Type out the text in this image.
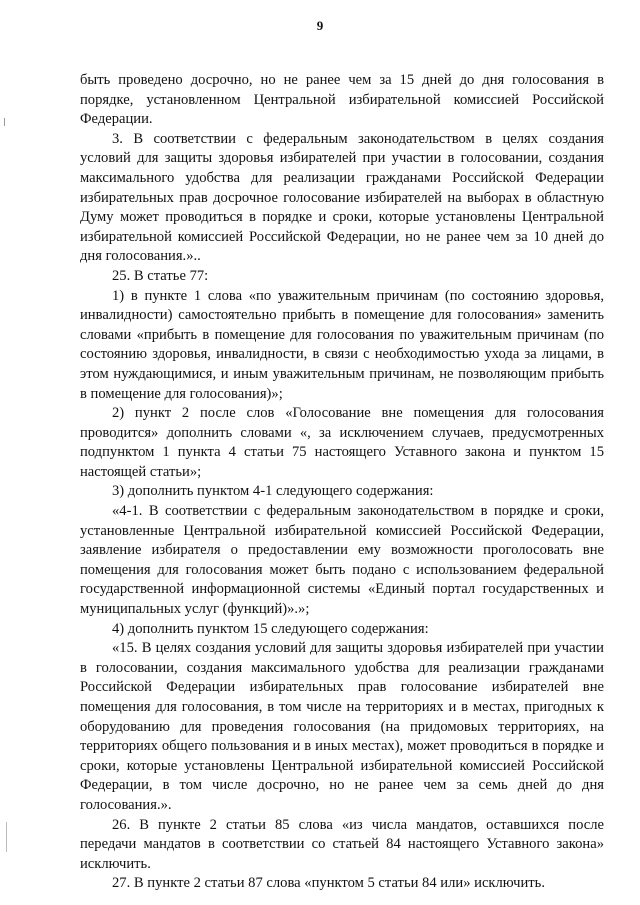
9

быть проведено досрочно, но не ранее чем за 15 дней до дня голосования в порядке, установленном Центральной избирательной комиссией Российской Федерации.

3. В соответствии с федеральным законодательством в целях создания условий для защиты здоровья избирателей при участии в голосовании, создания максимального удобства для реализации гражданами Российской Федерации избирательных прав досрочное голосование избирателей на выборах в областную Думу может проводиться в порядке и сроки, которые установлены Центральной избирательной комиссией Российской Федерации, но не ранее чем за 10 дней до дня голосования.»..

25. В статье 77:

1) в пункте 1 слова «по уважительным причинам (по состоянию здоровья, инвалидности) самостоятельно прибыть в помещение для голосования» заменить словами «прибыть в помещение для голосования по уважительным причинам (по состоянию здоровья, инвалидности, в связи с необходимостью ухода за лицами, в этом нуждающимися, и иным уважительным причинам, не позволяющим прибыть в помещение для голосования)»;

2) пункт 2 после слов «Голосование вне помещения для голосования проводится» дополнить словами «, за исключением случаев, предусмотренных подпунктом 1 пункта 4 статьи 75 настоящего Уставного закона и пунктом 15 настоящей статьи»;

3) дополнить пунктом 4-1 следующего содержания:

«4-1. В соответствии с федеральным законодательством в порядке и сроки, установленные Центральной избирательной комиссией Российской Федерации, заявление избирателя о предоставлении ему возможности проголосовать вне помещения для голосования может быть подано с использованием федеральной государственной информационной системы «Единый портал государственных и муниципальных услуг (функций)».»;

4) дополнить пунктом 15 следующего содержания:

«15. В целях создания условий для защиты здоровья избирателей при участии в голосовании, создания максимального удобства для реализации гражданами Российской Федерации избирательных прав голосование избирателей вне помещения для голосования, в том числе на территориях и в местах, пригодных к оборудованию для проведения голосования (на придомовых территориях, на территориях общего пользования и в иных местах), может проводиться в порядке и сроки, которые установлены Центральной избирательной комиссией Российской Федерации, в том числе досрочно, но не ранее чем за семь дней до дня голосования.».

26. В пункте 2 статьи 85 слова «из числа мандатов, оставшихся после передачи мандатов в соответствии со статьей 84 настоящего Уставного закона» исключить.

27. В пункте 2 статьи 87 слова «пунктом 5 статьи 84 или» исключить.
